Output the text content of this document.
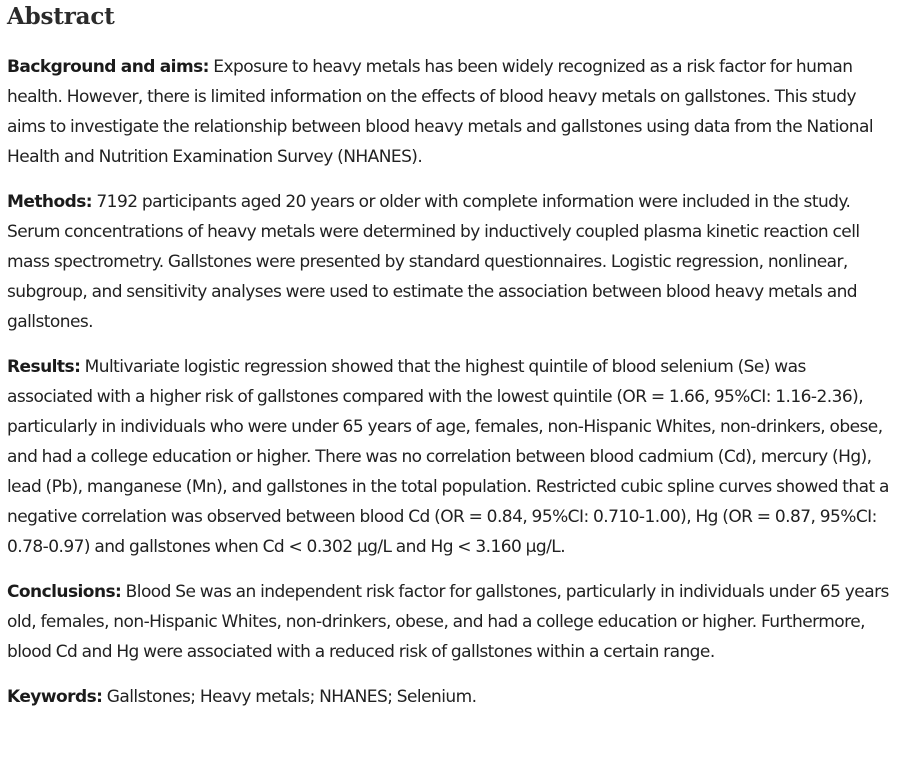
Abstract

Background and aims: Exposure to heavy metals has been widely recognized as a risk factor for human health. However, there is limited information on the effects of blood heavy metals on gallstones. This study aims to investigate the relationship between blood heavy metals and gallstones using data from the National Health and Nutrition Examination Survey (NHANES).

Methods: 7192 participants aged 20 years or older with complete information were included in the study. Serum concentrations of heavy metals were determined by inductively coupled plasma kinetic reaction cell mass spectrometry. Gallstones were presented by standard questionnaires. Logistic regression, nonlinear, subgroup, and sensitivity analyses were used to estimate the association between blood heavy metals and gallstones.

Results: Multivariate logistic regression showed that the highest quintile of blood selenium (Se) was associated with a higher risk of gallstones compared with the lowest quintile (OR = 1.66, 95%CI: 1.16-2.36), particularly in individuals who were under 65 years of age, females, non-Hispanic Whites, non-drinkers, obese, and had a college education or higher. There was no correlation between blood cadmium (Cd), mercury (Hg), lead (Pb), manganese (Mn), and gallstones in the total population. Restricted cubic spline curves showed that a negative correlation was observed between blood Cd (OR = 0.84, 95%CI: 0.710-1.00), Hg (OR = 0.87, 95%CI: 0.78-0.97) and gallstones when Cd < 0.302 μg/L and Hg < 3.160 μg/L.

Conclusions: Blood Se was an independent risk factor for gallstones, particularly in individuals under 65 years old, females, non-Hispanic Whites, non-drinkers, obese, and had a college education or higher. Furthermore, blood Cd and Hg were associated with a reduced risk of gallstones within a certain range.

Keywords: Gallstones; Heavy metals; NHANES; Selenium.
